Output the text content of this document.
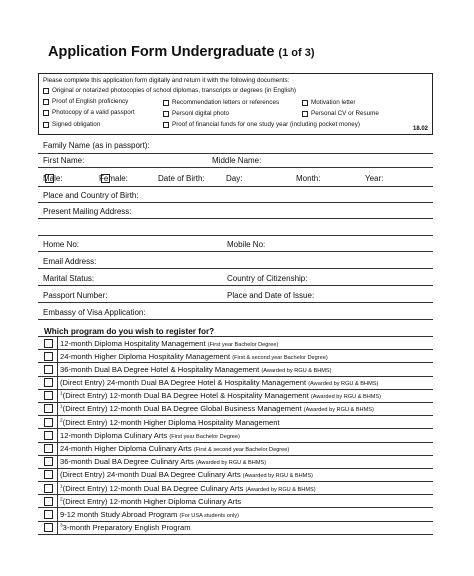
Application Form Undergraduate (1 of 3)
Please complete this application form digitally and return it with the following documents:
Original or notarized photocopies of school diplomas, transcripts or degrees (in English)
Proof of English proficiency	Recommendation letters or references	Motivation letter
Photocopy of a valid passport	Personl digital photo	Personal CV or Resume
Signed obligation	Proof of financial funds for one study year (including pocket money)
18.02
Family Name (as in passport):
First Name:	Middle Name:
Male:	Female:	Date of Birth:	Day:	Month:	Year:
Place and Country of Birth:
Present Mailing Address:
Home No:	Mobile No:
Email Address:
Marital Status:	Country of Citizenship:
Passport Number:	Place and Date of Issue:
Embassy of Visa Application:
Which program do you wish to register for?
12-month Diploma Hospitality Management (First year Bachelor Degree)
24-month Higher Diploma Hospitality Management (First & second year Bachelor Degree)
36-month Dual BA Degree Hotel & Hospitality Management (Awarded by RGU & BHMS)
(Direct Entry) 24-month Dual BA Degree Hotel & Hospitality Management (Awarded by RGU & BHMS)
$^1$(Direct Entry) 12-month Dual BA Degree Hotel & Hospitality Management (Awarded by RGU & BHMS)
$^1$(Direct Entry) 12-month Dual BA Degree Global Business Management (Awarded by RGU & BHMS)
$^2$(Direct Entry) 12-month Higher Diploma Hospitality Management
12-month Diploma Culinary Arts (First year Bachelor Degree)
24-month Higher Diploma Culinary Arts (First & second year Bachelor Degree)
36-month Dual BA Degree Culinary Arts (Awarded by RGU & BHMS)
(Direct Entry) 24-month Dual BA Degree Culinary Arts (Awarded by RGU & BHMS)
$^1$(Direct Entry) 12-month Dual BA Degree Culinary Arts (Awarded by RGU & BHMS)
$^2$(Direct Entry) 12-month Higher Diploma Culinary Arts
9-12 month Study Abroad Program (For USA students only)
$^3$3-month Preparatory English Program
